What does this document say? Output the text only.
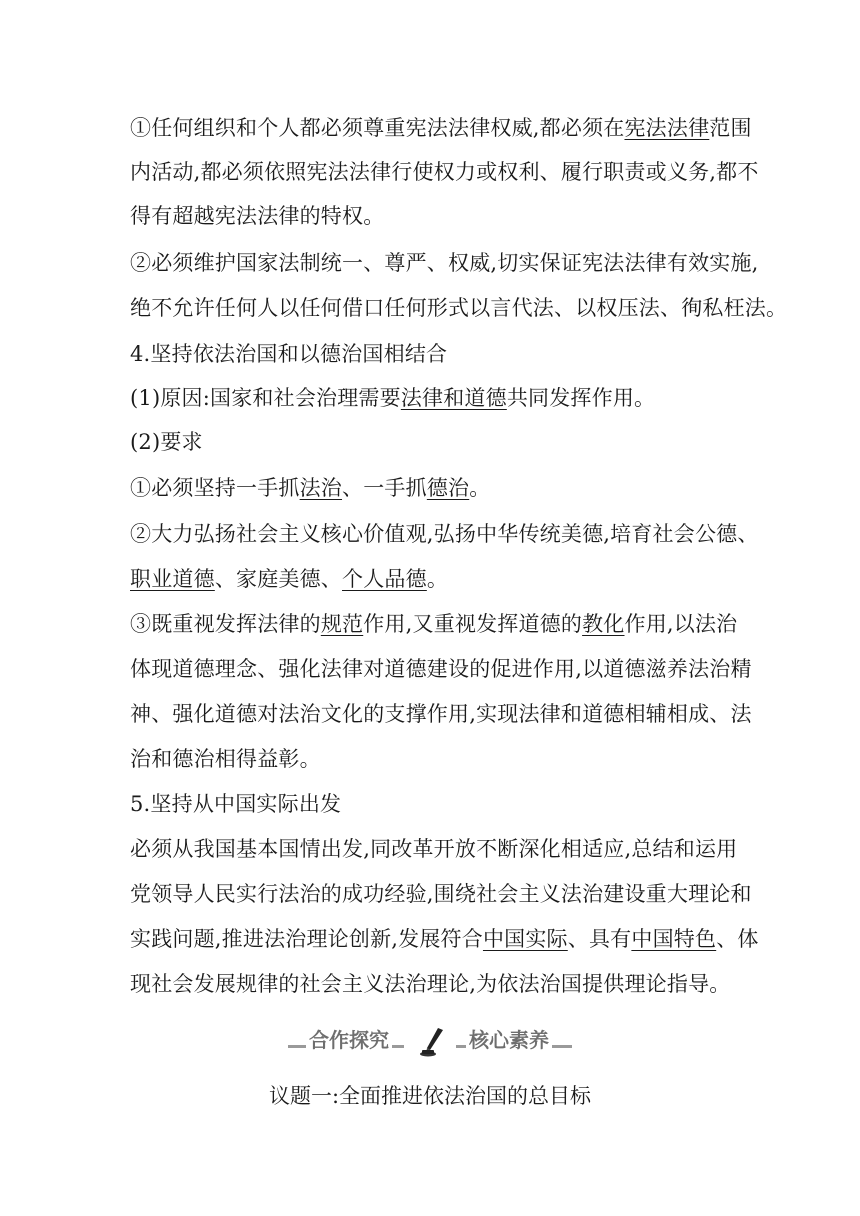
①任何组织和个人都必须尊重宪法法律权威,都必须在宪法法律范围

内活动,都必须依照宪法法律行使权力或权利、履行职责或义务,都不

得有超越宪法法律的特权。

②必须维护国家法制统一、尊严、权威,切实保证宪法法律有效实施,

绝不允许任何人以任何借口任何形式以言代法、以权压法、徇私枉法。

4.坚持依法治国和以德治国相结合

(1)原因:国家和社会治理需要法律和道德共同发挥作用。

(2)要求

①必须坚持一手抓法治、一手抓德治。

②大力弘扬社会主义核心价值观,弘扬中华传统美德,培育社会公德、

职业道德、家庭美德、个人品德。

③既重视发挥法律的规范作用,又重视发挥道德的教化作用,以法治

体现道德理念、强化法律对道德建设的促进作用,以道德滋养法治精

神、强化道德对法治文化的支撑作用,实现法律和道德相辅相成、法

治和德治相得益彰。

5.坚持从中国实际出发

必须从我国基本国情出发,同改革开放不断深化相适应,总结和运用

党领导人民实行法治的成功经验,围绕社会主义法治建设重大理论和

实践问题,推进法治理论创新,发展符合中国实际、具有中国特色、体

现社会发展规律的社会主义法治理论,为依法治国提供理论指导。

合作探究	核心素养
议题一:全面推进依法治国的总目标
